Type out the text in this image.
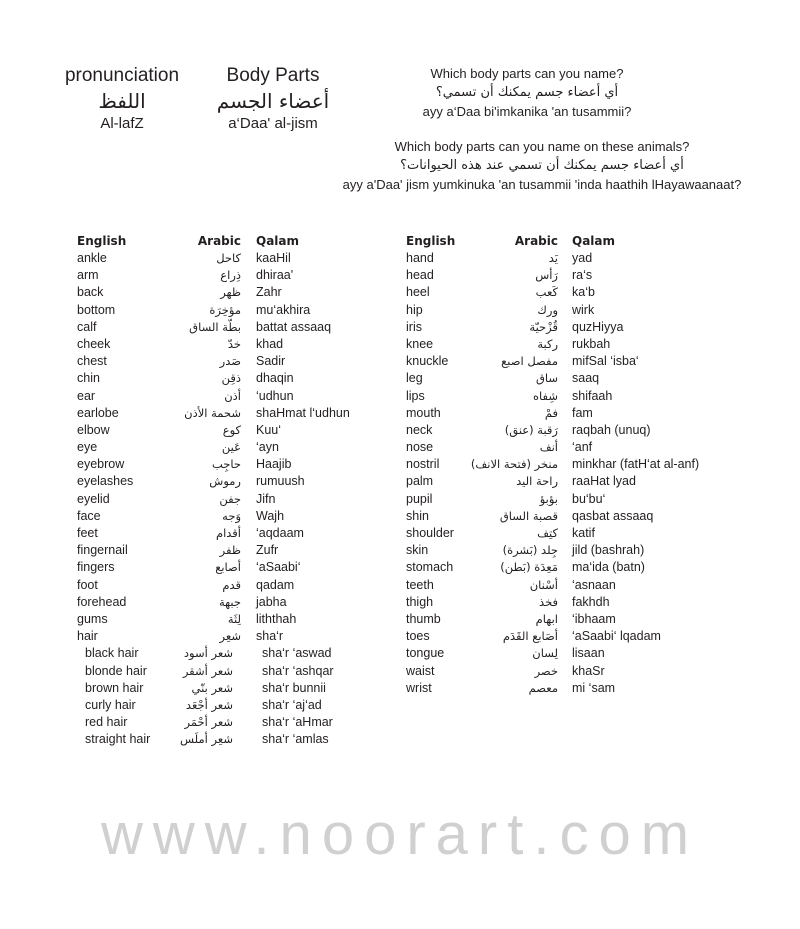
pronunciation
اللفظ
Al-lafZ
Body Parts
أعضاء الجسم
a‘Daa' al-jism
Which body parts can you name?
أي أعضاء جسم يمكنك أن تسمي؟
ayy a‘Daa bi'imkanika 'an tusammii?
Which body parts can you name on these animals?
أي أعضاء جسم يمكنك أن تسمي عند هذه الحيوانات؟
ayy a'Daa' jism yumkinuka 'an tusammii 'inda haathih lHayawaanaat?
English	Arabic Qalam
ankle	كاحل kaaHil
arm	ذِراع dhiraa'
back	ظهر Zahr
bottom	مؤخِرَة mu‘akhira
calf	بطّة الساق battat assaaq
cheek	خدّ khad
chest	صَدر Sadir
chin	ذقِن dhaqin
ear	أذن ‘udhun
earlobe	شحمة الأذن shaHmat l‘udhun
elbow	كوع Kuu‘
eye	عَين ‘ayn
eyebrow	حاجِب Haajib
eyelashes	رموش rumuush
eyelid	جفن Jifn
face	وَجه Wajh
feet	أقدام ‘aqdaam
fingernail	ظفر Zufr
fingers	أصابع ‘aSaabi‘
foot	قدم qadam
forehead	جبهة jabha
gums	لِثَة liththah
hair	شعِر sha‘r
black hair	شعر أسود sha‘r ‘aswad
blonde hair	شعر أشقر sha‘r ‘ashqar
brown hair	شعر بنّي sha‘r bunnii
curly hair	شعر أجْعَد sha‘r ‘aj‘ad
red hair	شعر أحْمَر sha‘r ‘aHmar
straight hair	شعِر أملَس sha‘r ‘amlas
English	Arabic Qalam
hand	يَد yad
head	رَأس ra‘s
heel	كَعب ka‘b
hip	ورك wirk
iris	قُزْحيّة quzHiyya
knee	ركبة rukbah
knuckle	مفصل اصبع mifSal ‘isba‘
leg	ساق saaq
lips	شِفاه shifaah
mouth	فمْ fam
neck	رَقبة (عنق) raqbah (unuq)
nose	أنف ‘anf
nostril	منخر (فتحة الانف) minkhar (fatH‘at al-anf)
palm	راحة اليد raaHat lyad
pupil	بؤبؤ bu‘bu‘
shin	قصبة الساق qasbat assaaq
shoulder	كتِف katif
skin	جِلد (بَشرة) jild (bashrah)
stomach	مَعِدَة (بَطن) ma‘ida (batn)
teeth	أسْنان ‘asnaan
thigh	فخذ fakhdh
thumb	ابهام ‘ibhaam
toes	أصَابع القَدَم ‘aSaabi‘ lqadam
tongue	لِسان lisaan
waist	خصر khaSr
wrist	معصم mi ‘sam
www.noorart.com
